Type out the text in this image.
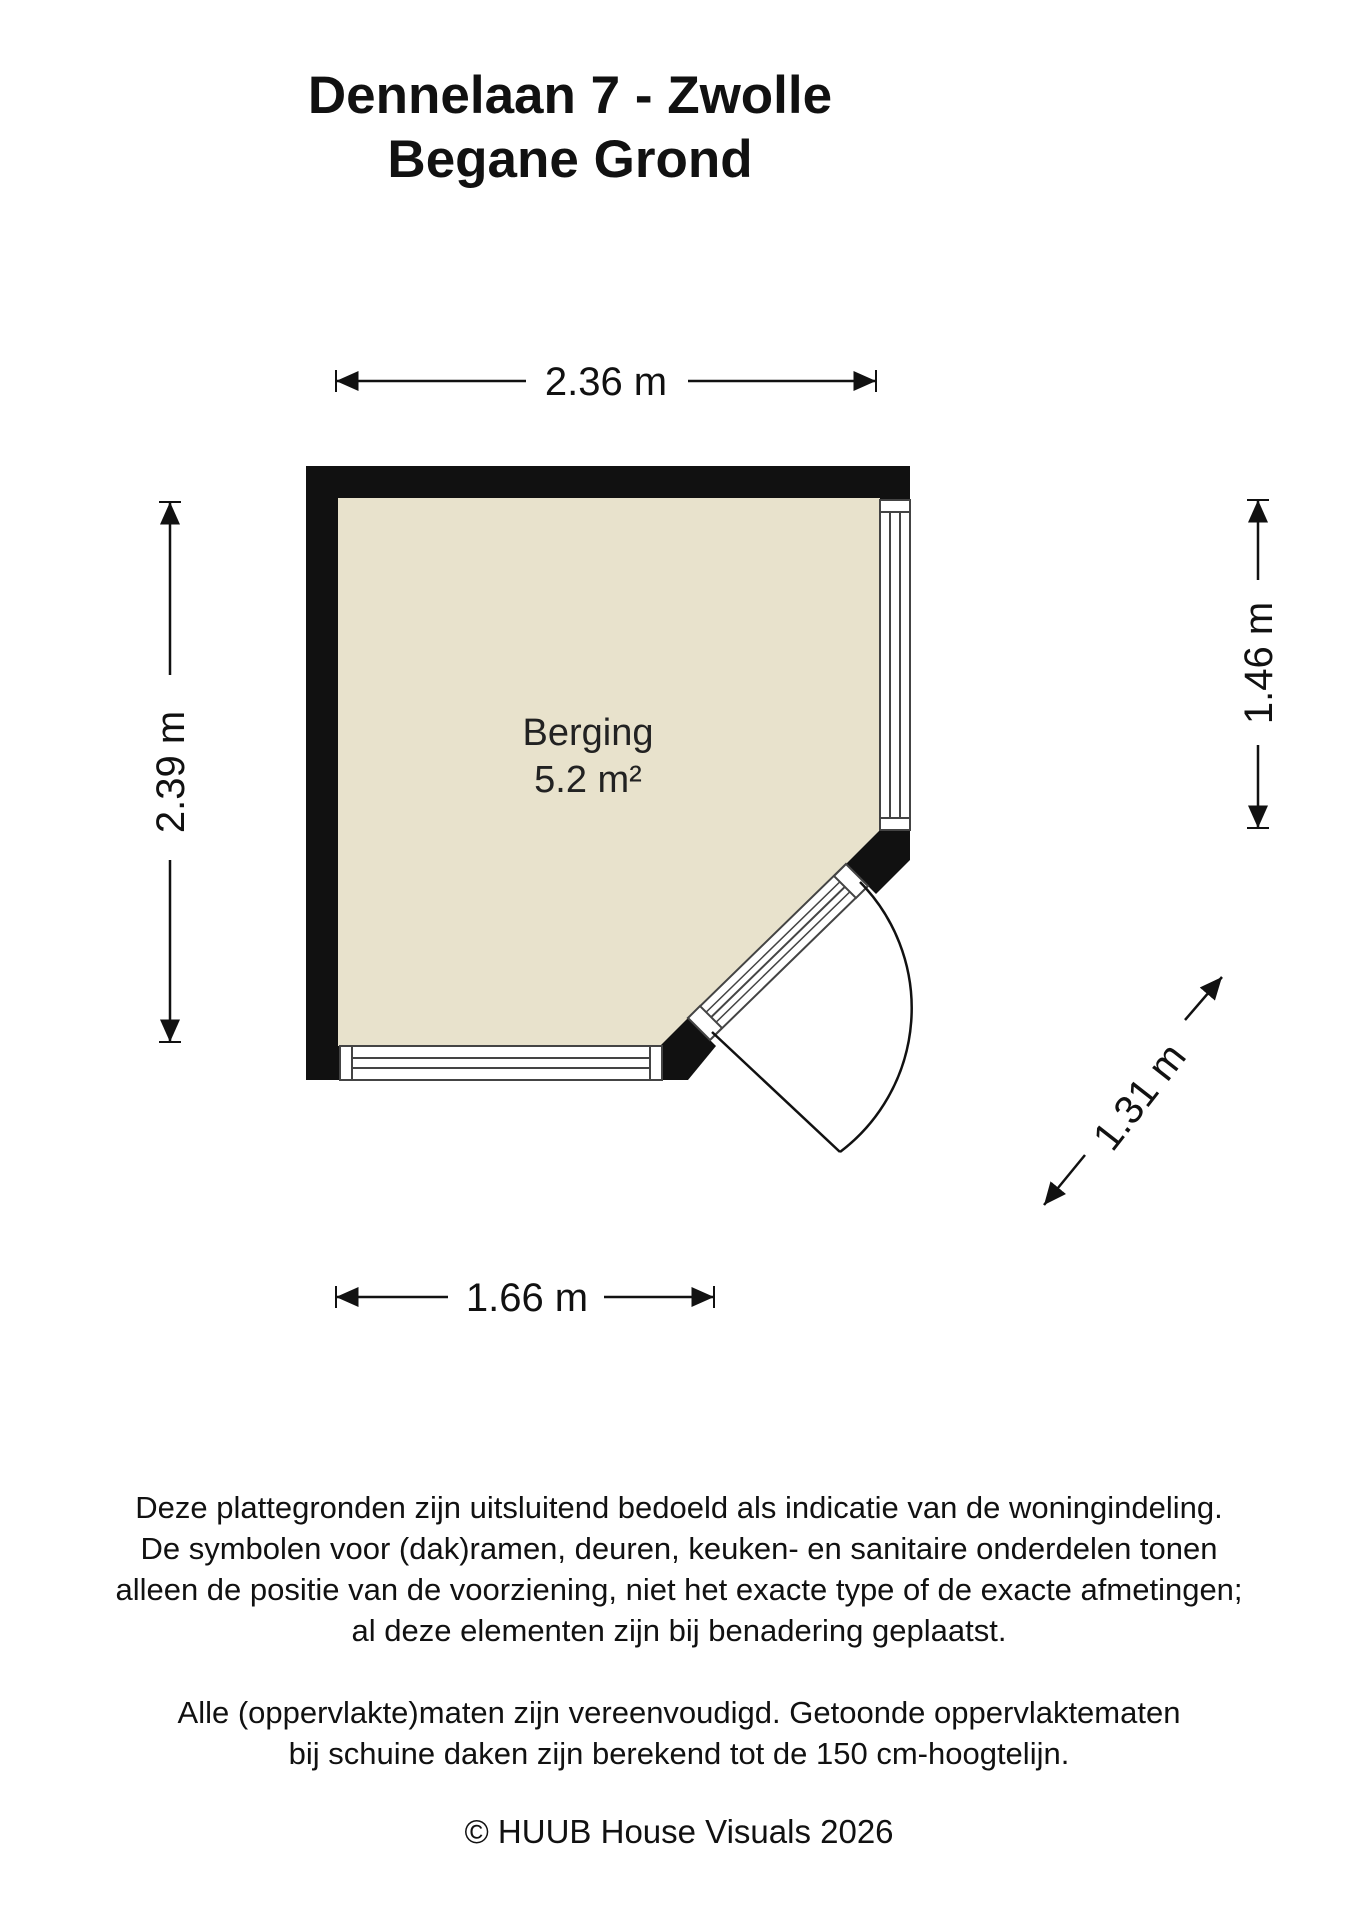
Dennelaan 7 - Zwolle
Begane Grond
Berging
5.2 m²
2.36 m
2.39 m
1.46 m
1.31 m
1.66 m

Deze plattegronden zijn uitsluitend bedoeld als indicatie van de woningindeling.

De symbolen voor (dak)ramen, deuren, keuken- en sanitaire onderdelen tonen

alleen de positie van de voorziening, niet het exacte type of de exacte afmetingen;

al deze elementen zijn bij benadering geplaatst.

Alle (oppervlakte)maten zijn vereenvoudigd. Getoonde oppervlaktematen

bij schuine daken zijn berekend tot de 150 cm-hoogtelijn.

© HUUB House Visuals 2026
